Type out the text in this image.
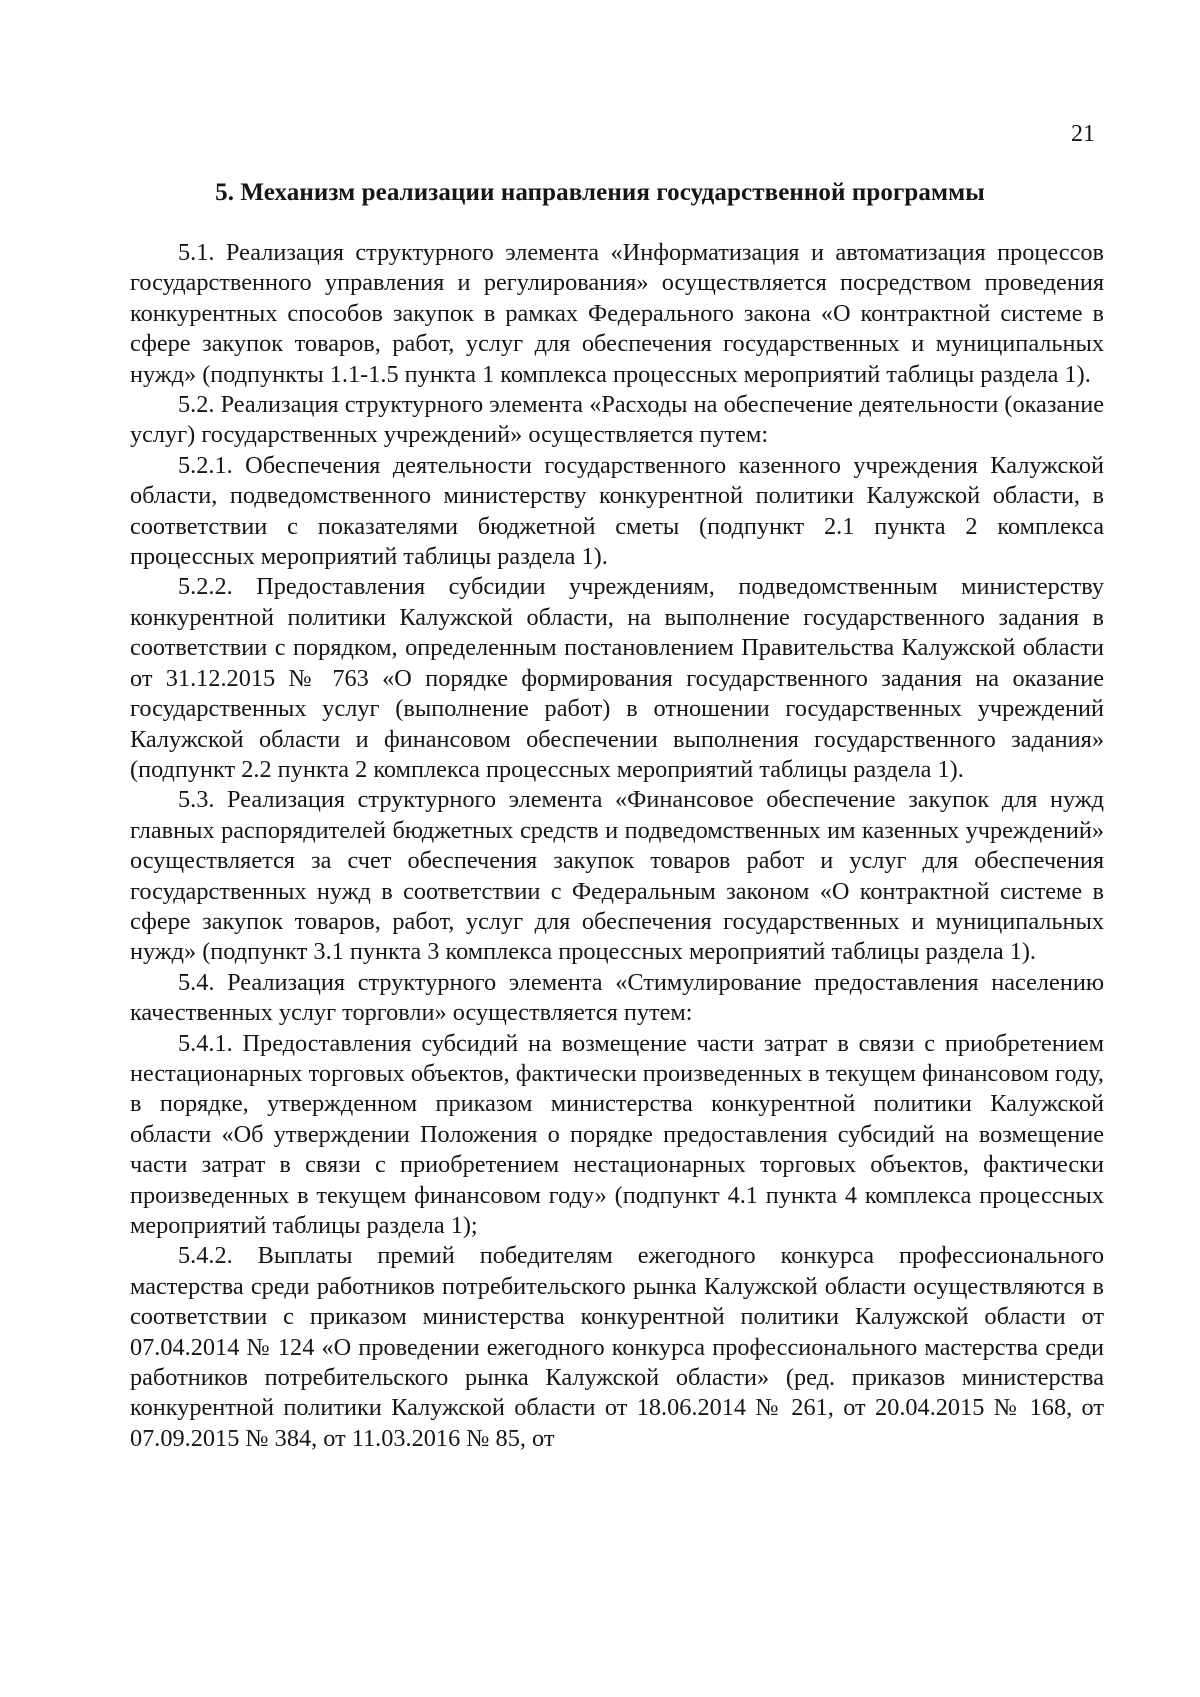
21
5. Механизм реализации направления государственной программы

5.1. Реализация структурного элемента «Информатизация и автоматизация процессов государственного управления и регулирования» осуществляется посредством проведения конкурентных способов закупок в рамках Федерального закона «О контрактной системе в сфере закупок товаров, работ, услуг для обеспечения государственных и муниципальных нужд» (подпункты 1.1-1.5 пункта 1 комплекса процессных мероприятий таблицы раздела 1).

5.2. Реализация структурного элемента «Расходы на обеспечение деятельности (оказание услуг) государственных учреждений» осуществляется путем:

5.2.1. Обеспечения деятельности государственного казенного учреждения Калужской области, подведомственного министерству конкурентной политики Калужской области, в соответствии с показателями бюджетной сметы (подпункт 2.1 пункта 2 комплекса процессных мероприятий таблицы раздела 1).

5.2.2. Предоставления субсидии учреждениям, подведомственным министерству конкурентной политики Калужской области, на выполнение государственного задания в соответствии с порядком, определенным постановлением Правительства Калужской области от 31.12.2015 № 763 «О порядке формирования государственного задания на оказание государственных услуг (выполнение работ) в отношении государственных учреждений Калужской области и финансовом обеспечении выполнения государственного задания» (подпункт 2.2 пункта 2 комплекса процессных мероприятий таблицы раздела 1).

5.3. Реализация структурного элемента «Финансовое обеспечение закупок для нужд главных распорядителей бюджетных средств и подведомственных им казенных учреждений» осуществляется за счет обеспечения закупок товаров работ и услуг для обеспечения государственных нужд в соответствии с Федеральным законом «О контрактной системе в сфере закупок товаров, работ, услуг для обеспечения государственных и муниципальных нужд» (подпункт 3.1 пункта 3 комплекса процессных мероприятий таблицы раздела 1).

5.4. Реализация структурного элемента «Стимулирование предоставления населению качественных услуг торговли» осуществляется путем:

5.4.1. Предоставления субсидий на возмещение части затрат в связи с приобретением нестационарных торговых объектов, фактически произведенных в текущем финансовом году, в порядке, утвержденном приказом министерства конкурентной политики Калужской области «Об утверждении Положения о порядке предоставления субсидий на возмещение части затрат в связи с приобретением нестационарных торговых объектов, фактически произведенных в текущем финансовом году» (подпункт 4.1 пункта 4 комплекса процессных мероприятий таблицы раздела 1);

5.4.2. Выплаты премий победителям ежегодного конкурса профессионального мастерства среди работников потребительского рынка Калужской области осуществляются в соответствии с приказом министерства конкурентной политики Калужской области от 07.04.2014 № 124 «О проведении ежегодного конкурса профессионального мастерства среди работников потребительского рынка Калужской области» (ред. приказов министерства конкурентной политики Калужской области от 18.06.2014 № 261, от 20.04.2015 № 168, от 07.09.2015 № 384, от 11.03.2016 № 85, от
